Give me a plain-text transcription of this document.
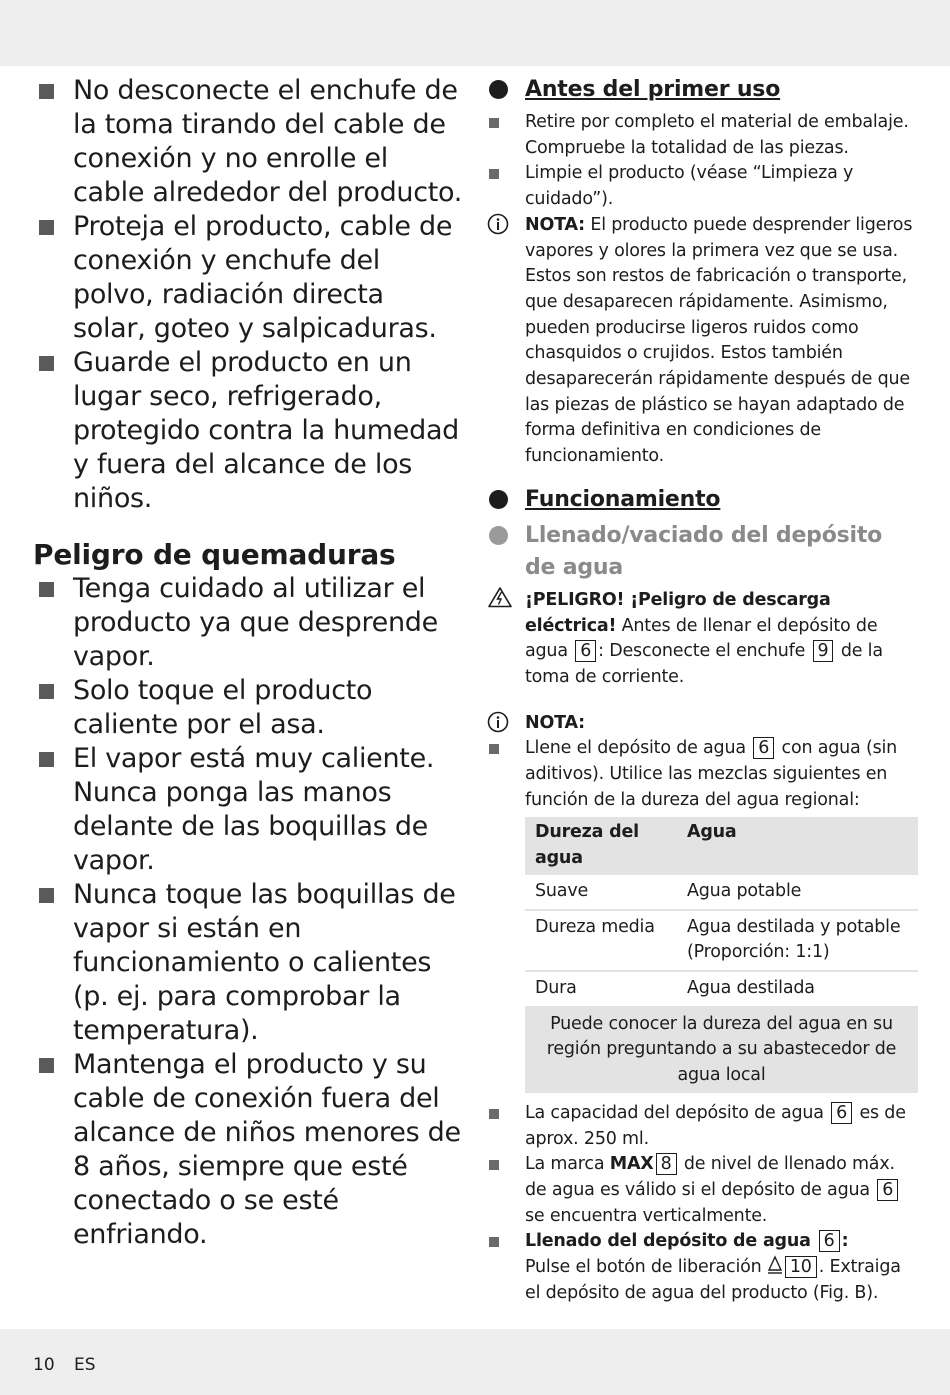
No desconecte el enchufe de la toma tirando del cable de conexión y no enrolle el cable alrededor del producto.
Proteja el producto, cable de conexión y enchufe del polvo, radiación directa solar, goteo y salpicaduras.
Guarde el producto en un lugar seco, refrigerado, protegido contra la humedad y fuera del alcance de los niños.
Peligro de quemaduras
Tenga cuidado al utilizar el producto ya que desprende vapor.
Solo toque el producto caliente por el asa.
El vapor está muy caliente. Nunca ponga las manos delante de las boquillas de vapor.
Nunca toque las boquillas de vapor si están en funcionamiento o calientes (p. ej. para comprobar la temperatura).
Mantenga el producto y su cable de conexión fuera del alcance de niños menores de 8 años, siempre que esté conectado o se esté enfriando.
Antes del primer uso
Retire por completo el material de embalaje. Compruebe la totalidad de las piezas.
Limpie el producto (véase “Limpieza y cuidado”).
NOTA: El producto puede desprender ligeros vapores y olores la primera vez que se usa. Estos son restos de fabricación o transporte, que desaparecen rápidamente. Asimismo, pueden producirse ligeros ruidos como chasquidos o crujidos. Estos también desaparecerán rápidamente después de que las piezas de plástico se hayan adaptado de forma definitiva en condiciones de funcionamiento.
Funcionamiento
Llenado/vaciado del depósito de agua
¡PELIGRO! ¡Peligro de descarga eléctrica! Antes de llenar el depósito de agua 6 : Desconecte el enchufe 9 de la toma de corriente.
NOTA:
Llene el depósito de agua 6 con agua (sin aditivos). Utilice las mezclas siguientes en función de la dureza del agua regional:
Dureza del agua	Agua
Suave	Agua potable
Dureza media	Agua destilada y potable (Proporción: 1:1)
Dura	Agua destilada
Puede conocer la dureza del agua en su región preguntando a su abastecedor de agua local	
La capacidad del depósito de agua 6 es de aprox. 250 ml.
La marca MAX 8 de nivel de llenado máx. de agua es válido si el depósito de agua 6 se encuentra verticalmente.
Llenado del depósito de agua 6 :
Pulse el botón de liberación 10 . Extraiga el depósito de agua del producto (Fig. B).
10 ES
